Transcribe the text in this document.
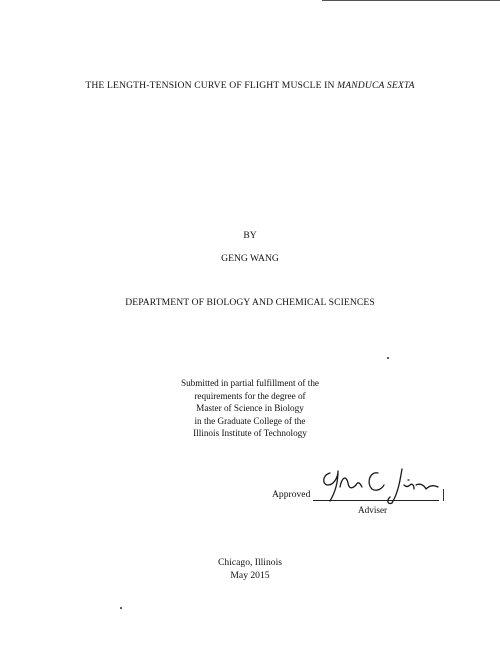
THE LENGTH-TENSION CURVE OF FLIGHT MUSCLE IN MANDUCA SEXTA
BY
GENG WANG
DEPARTMENT OF BIOLOGY AND CHEMICAL SCIENCES
Submitted in partial fulfillment of the
requirements for the degree of
Master of Science in Biology
in the Graduate College of the
Illinois Institute of Technology
Approved
Adviser
Chicago, Illinois
May 2015
